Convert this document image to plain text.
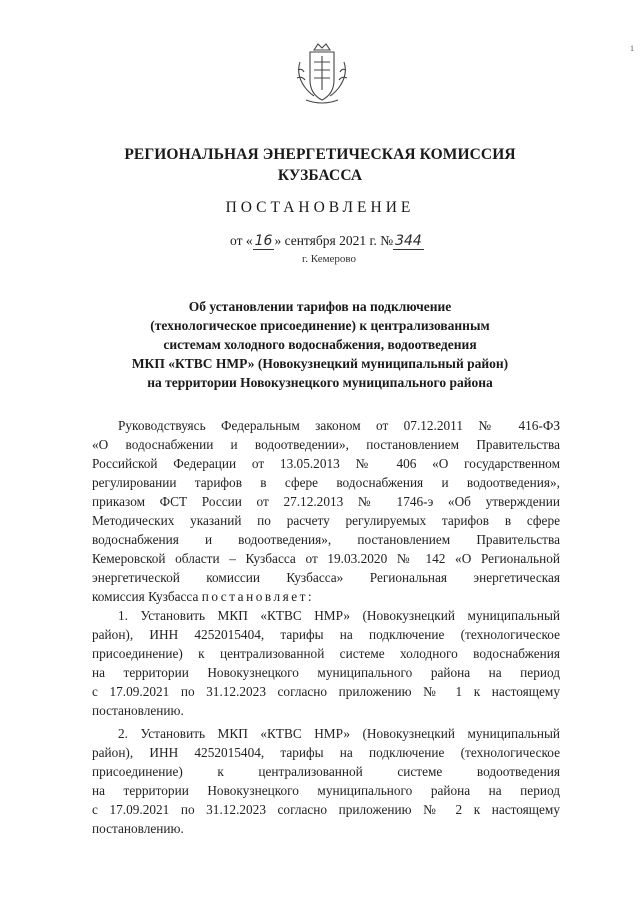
1
РЕГИОНАЛЬНАЯ ЭНЕРГЕТИЧЕСКАЯ КОМИССИЯ
КУЗБАССА
ПОСТАНОВЛЕНИЕ
от « 16 » сентября 2021 г. № 344
г. Кемерово
Об установлении тарифов на подключение
(технологическое присоединение) к централизованным
системам холодного водоснабжения, водоотведения
МКП «КТВС НМР» (Новокузнецкий муниципальный район)
на территории Новокузнецкого муниципального района
Руководствуясь Федеральным законом от 07.12.2011 № 416-ФЗ
«О водоснабжении и водоотведении», постановлением Правительства
Российской Федерации от 13.05.2013 № 406 «О государственном
регулировании тарифов в сфере водоснабжения и водоотведения»,
приказом ФСТ России от 27.12.2013 № 1746-э «Об утверждении
Методических указаний по расчету регулируемых тарифов в сфере
водоснабжения и водоотведения», постановлением Правительства
Кемеровской области – Кузбасса от 19.03.2020 № 142 «О Региональной
энергетической комиссии Кузбасса» Региональная энергетическая
комиссия Кузбасса постановляет:
1. Установить МКП «КТВС НМР» (Новокузнецкий муниципальный
район), ИНН 4252015404, тарифы на подключение (технологическое
присоединение) к централизованной системе холодного водоснабжения
на территории Новокузнецкого муниципального района на период
с 17.09.2021 по 31.12.2023 согласно приложению № 1 к настоящему
постановлению.
2. Установить МКП «КТВС НМР» (Новокузнецкий муниципальный
район), ИНН 4252015404, тарифы на подключение (технологическое
присоединение) к централизованной системе водоотведения
на территории Новокузнецкого муниципального района на период
с 17.09.2021 по 31.12.2023 согласно приложению № 2 к настоящему
постановлению.
